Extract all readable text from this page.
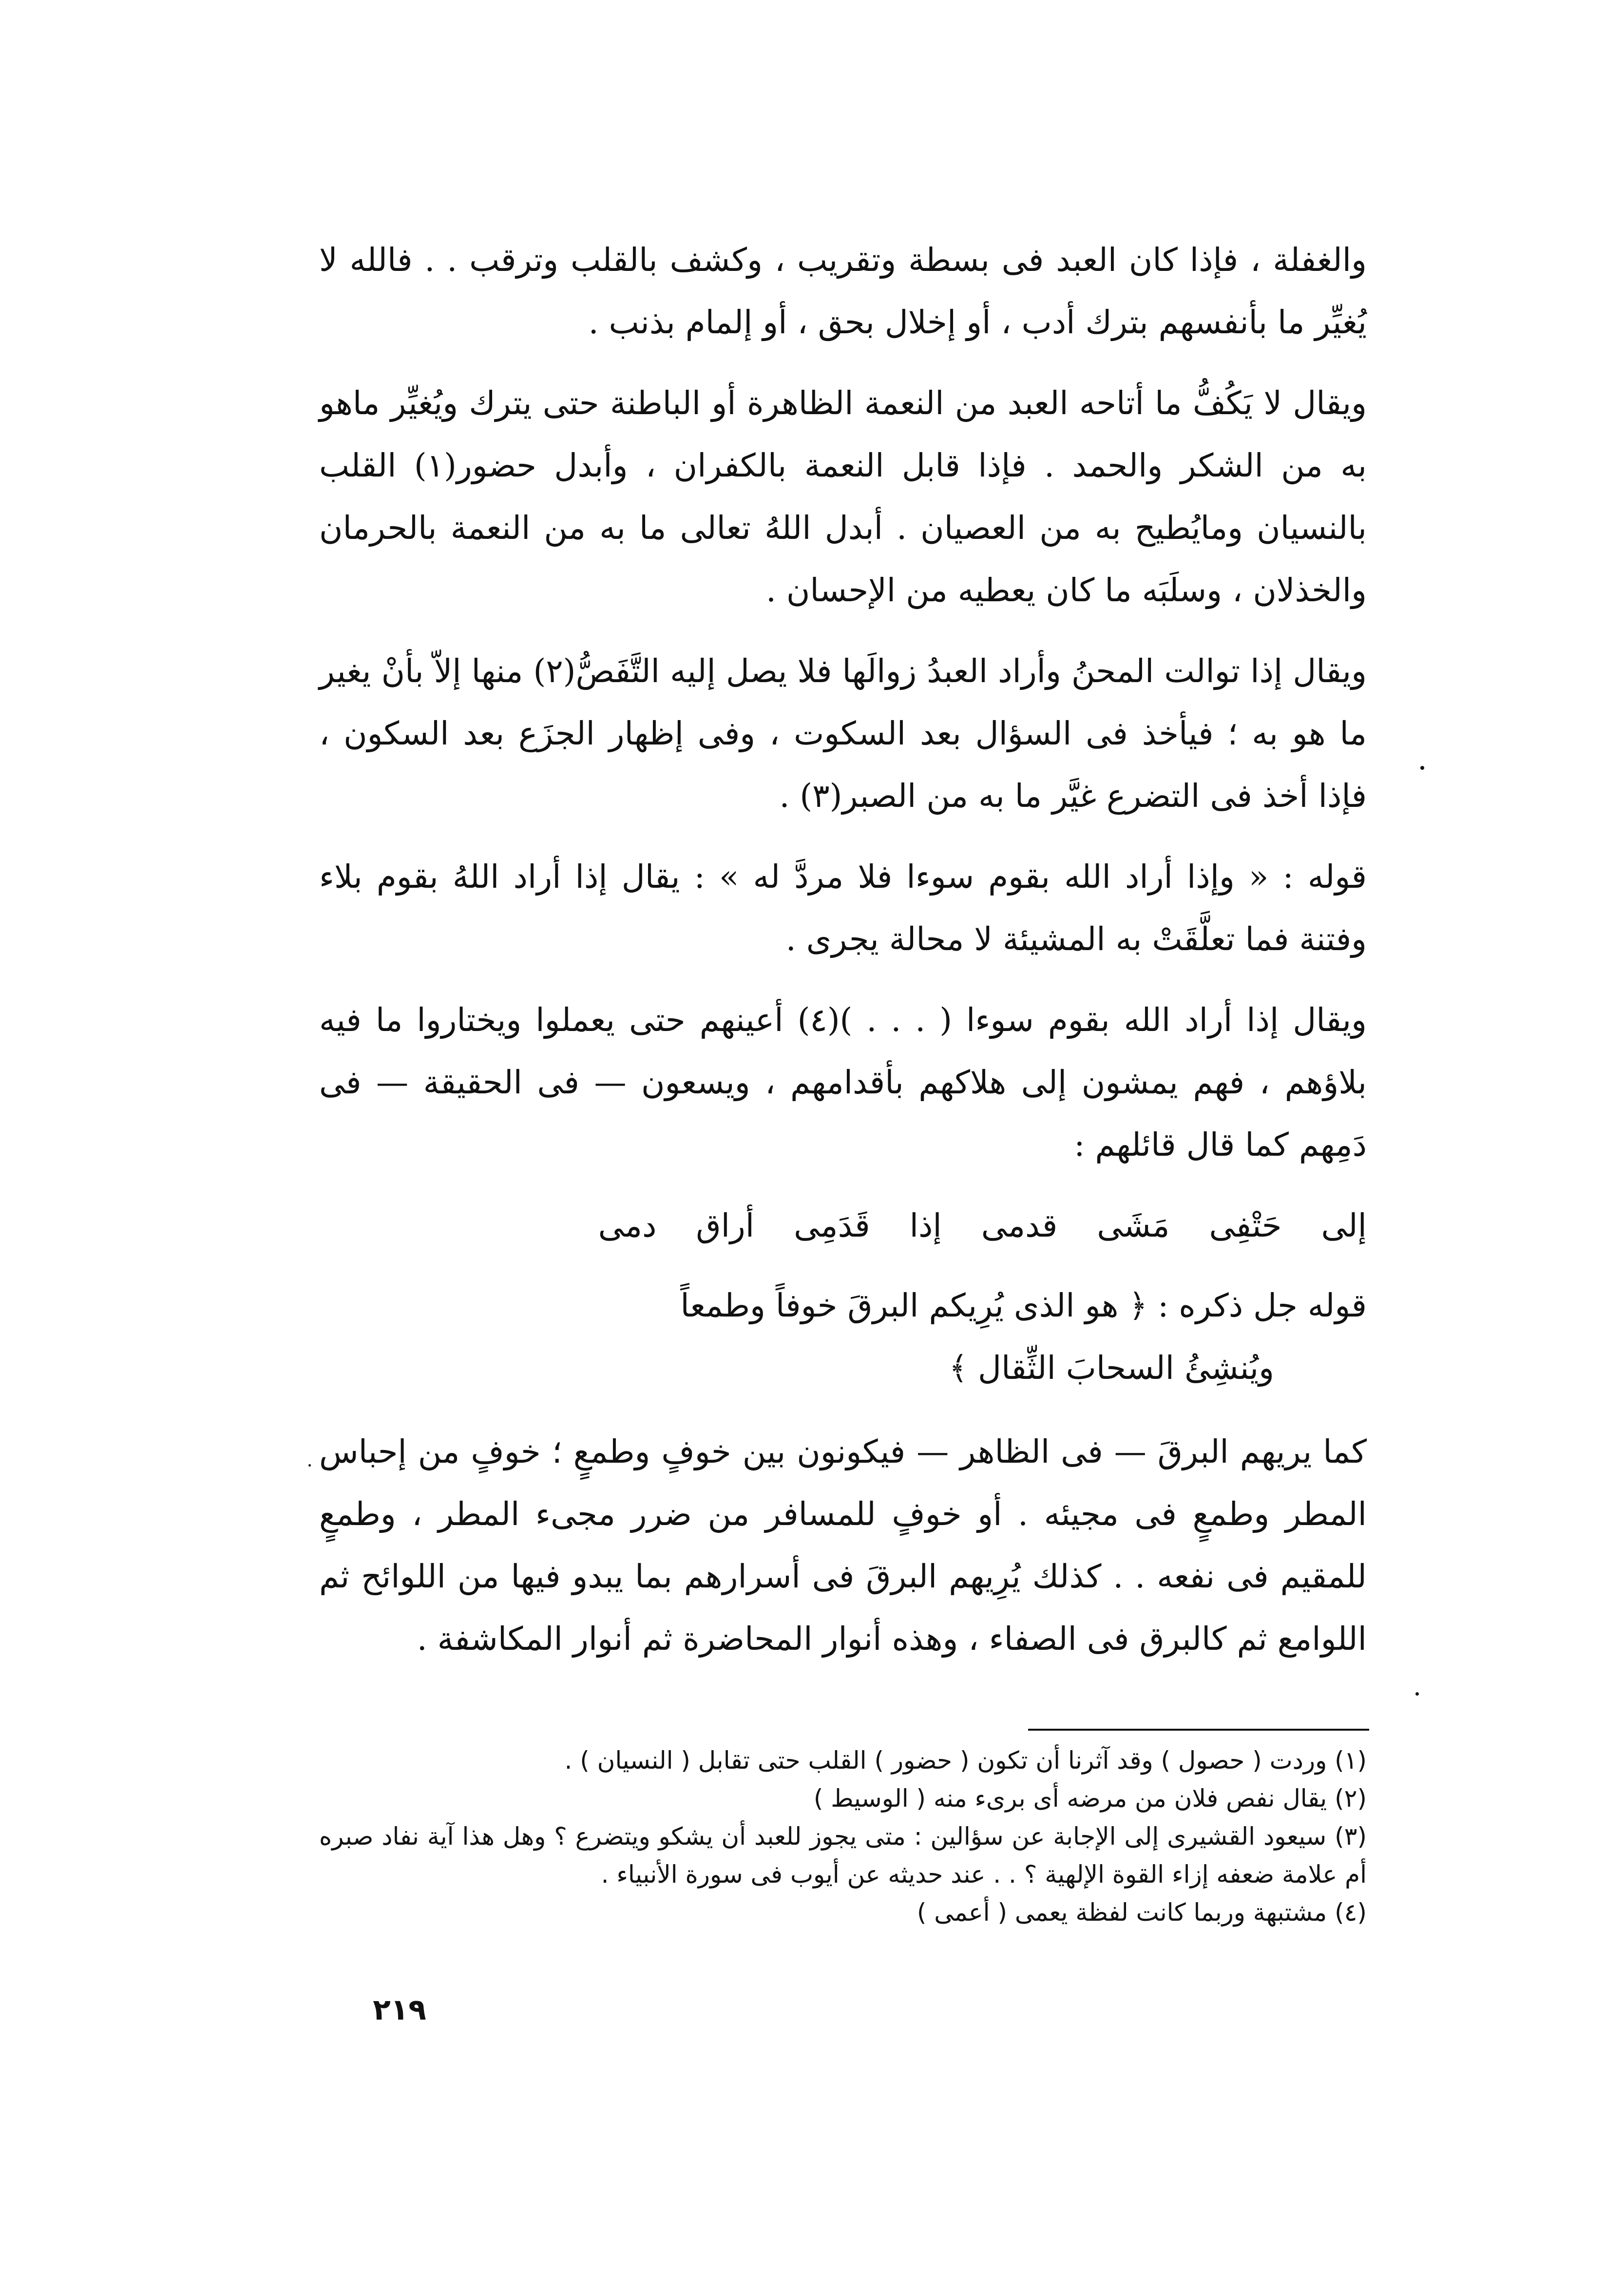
والغفلة ، فإذا كان العبد فى بسطة وتقريب ، وكشف بالقلب وترقب . . فالله لا يُغيِّر ما بأنفسهم بترك أدب ، أو إخلال بحق ، أو إلمام بذنب .

ويقال لا يَكُفُّ ما أتاحه العبد من النعمة الظاهرة أو الباطنة حتى يترك ويُغيِّر ماهو به من الشكر والحمد . فإذا قابل النعمة بالكفران ، وأبدل حضور(١) القلب بالنسيان ومايُطيح به من العصيان . أبدل اللهُ تعالى ما به من النعمة بالحرمان والخذلان ، وسلَبَه ما كان يعطيه من الإحسان .

ويقال إذا توالت المحنُ وأراد العبدُ زوالَها فلا يصل إليه التَّفَصُّ(٢) منها إلاّ بأنْ يغير ما هو به ؛ فيأخذ فى السؤال بعد السكوت ، وفى إظهار الجزَع بعد السكون ، فإذا أخذ فى التضرع غيَّر ما به من الصبر(٣) .

قوله : « وإذا أراد الله بقوم سوءا فلا مردَّ له » : يقال إذا أراد اللهُ بقوم بلاء وفتنة فما تعلَّقَتْ به المشيئة لا محالة يجرى .

ويقال إذا أراد الله بقوم سوءا ( . . . )(٤) أعينهم حتى يعملوا ويختاروا ما فيه بلاؤهم ، فهم يمشون إلى هلاكهم بأقدامهم ، ويسعون — فى الحقيقة — فى دَمِهم كما قال قائلهم :

إلى حَتْفِى مَشَى قدمى إذا قَدَمِى أراق دمى

قوله جل ذكره : ﴿ هو الذى يُرِيكم البرقَ خوفاً وطمعاً
ويُنشِئُ السحابَ الثِّقال ﴾

كما يريهم البرقَ — فى الظاهر — فيكونون بين خوفٍ وطمعٍ ؛ خوفٍ من إحباس المطر وطمعٍ فى مجيئه . أو خوفٍ للمسافر من ضرر مجىء المطر ، وطمعٍ للمقيم فى نفعه . . كذلك يُرِيهم البرقَ فى أسرارهم بما يبدو فيها من اللوائح ثم اللوامع ثم كالبرق فى الصفاء ، وهذه أنوار المحاضرة ثم أنوار المكاشفة .

(١) وردت ( حصول ) وقد آثرنا أن تكون ( حضور ) القلب حتى تقابل ( النسيان ) .

(٢) يقال نفص فلان من مرضه أى برىء منه ( الوسيط )

(٣) سيعود القشيرى إلى الإجابة عن سؤالين : متى يجوز للعبد أن يشكو ويتضرع ؟ وهل هذا آية نفاد صبره أم علامة ضعفه إزاء القوة الإلهية ؟ . . عند حديثه عن أيوب فى سورة الأنبياء .

(٤) مشتبهة وربما كانت لفظة يعمى ( أعمى )

٢١٩
